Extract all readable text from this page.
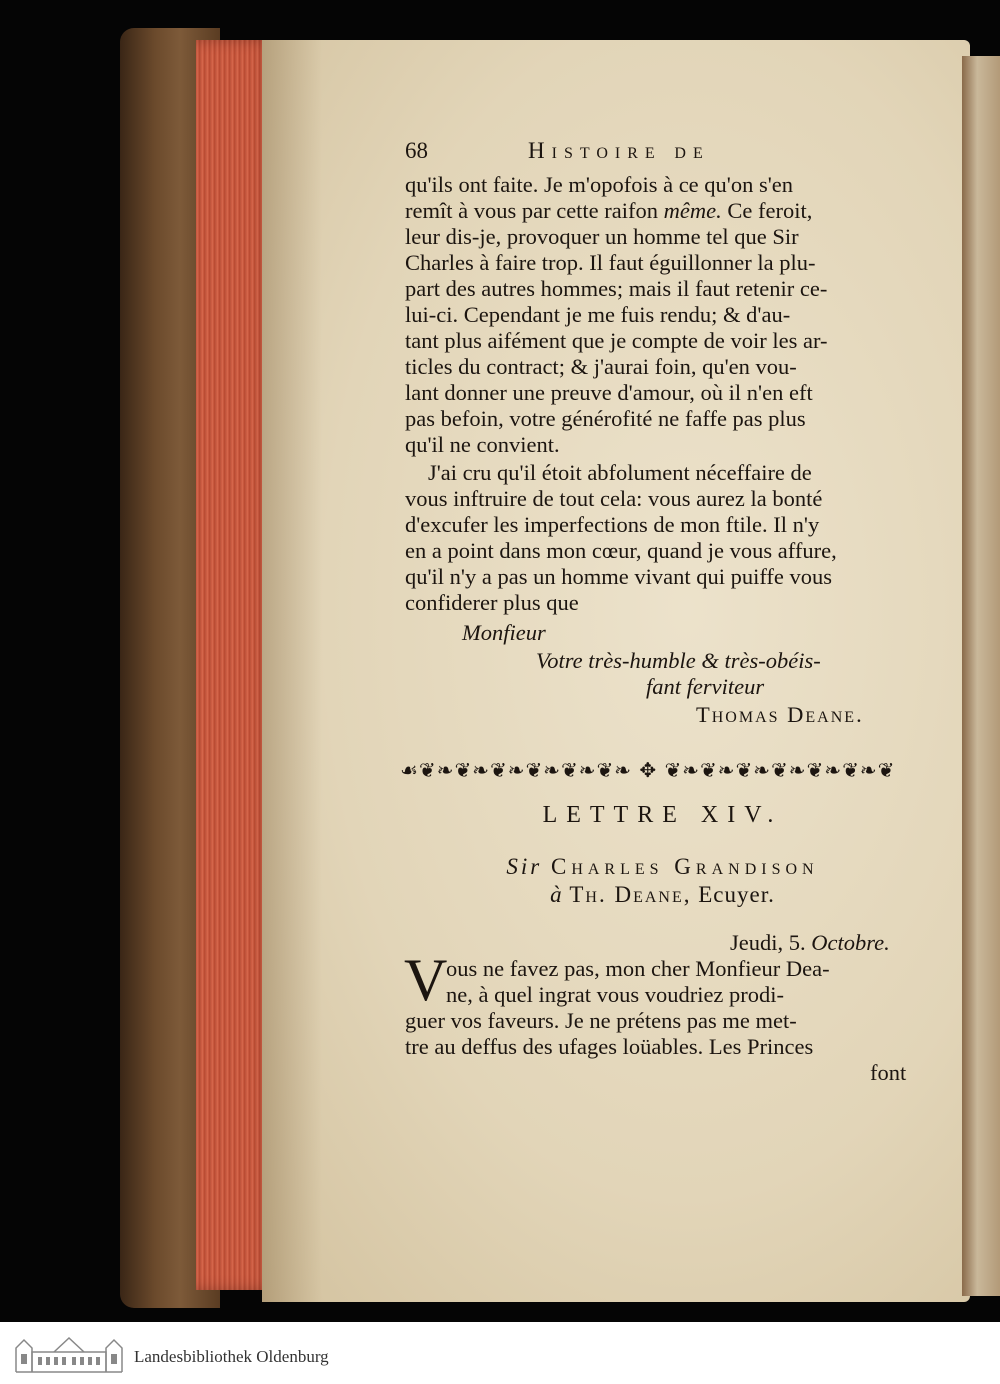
68	Histoire de
qu'ils ont faite. Je m'opofois à ce qu'on s'en
remît à vous par cette raifon même. Ce feroit,
leur dis-je, provoquer un homme tel que Sir
Charles à faire trop. Il faut éguillonner la plu-
part des autres hommes; mais il faut retenir ce-
lui-ci. Cependant je me fuis rendu; & d'au-
tant plus aifément que je compte de voir les ar-
ticles du contract; & j'aurai foin, qu'en vou-
lant donner une preuve d'amour, où il n'en eft
pas befoin, votre générofité ne faffe pas plus
qu'il ne convient.
J'ai cru qu'il étoit abfolument néceffaire de
vous inftruire de tout cela: vous aurez la bonté
d'excufer les imperfections de mon ftile. Il n'y
en a point dans mon cœur, quand je vous affure,
qu'il n'y a pas un homme vivant qui puiffe vous
confiderer plus que
Monfieur
Votre très-humble & très-obéis-
fant ferviteur
Thomas Deane.
☙❦❧❦❧❦❧❦❧❦❧❦❧ ✥ ❦❧❦❧❦❧❦❧❦❧❦❧❦
LETTRE XIV.
Sir Charles Grandison
à Th. Deane, Ecuyer.
Jeudi, 5. Octobre.
V
ous ne favez pas, mon cher Monfieur Dea-
ne, à quel ingrat vous voudriez prodi-
guer vos faveurs. Je ne prétens pas me met-
tre au deffus des ufages loüables. Les Princes
font
Landesbibliothek Oldenburg
